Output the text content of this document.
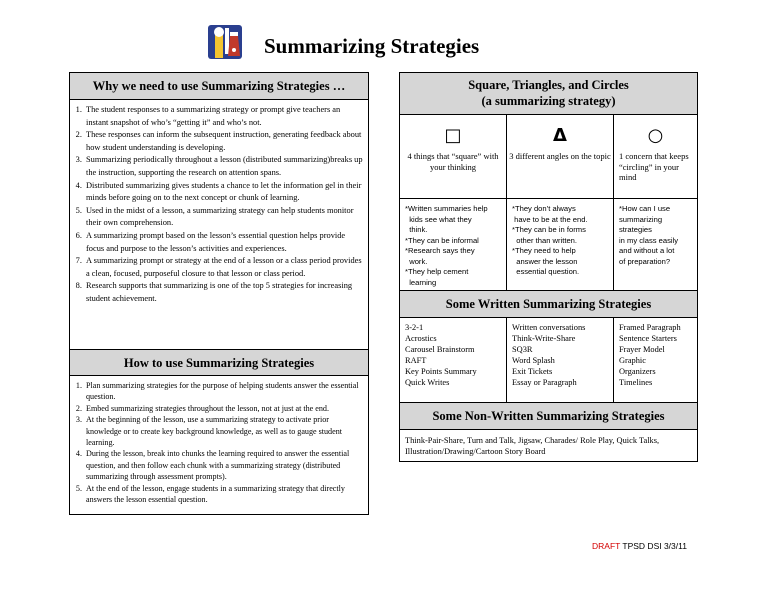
Summarizing Strategies
Why we need to use Summarizing Strategies …
1. The student responses to a summarizing strategy or prompt give teachers an instant snapshot of who’s “getting it” and who’s not.
2. These responses can inform the subsequent instruction, generating feedback about how student understanding is developing.
3. Summarizing periodically throughout a lesson (distributed summarizing)breaks up the instruction, supporting the research on attention spans.
4. Distributed summarizing gives students a chance to let the information gel in their minds before going on to the next concept or chunk of learning.
5. Used in the midst of a lesson, a summarizing strategy can help students monitor their own comprehension.
6. A summarizing prompt based on the lesson’s essential question helps provide focus and purpose to the lesson’s activities and experiences.
7. A summarizing prompt or strategy at the end of a lesson or a class period provides a clean, focused, purposeful closure to that lesson or class period.
8. Research supports that summarizing is one of the top 5 strategies for increasing student achievement.
How to use Summarizing Strategies
1. Plan summarizing strategies for the purpose of helping students answer the essential question.
2. Embed summarizing strategies throughout the lesson, not at just at the end.
3. At the beginning of the lesson, use a summarizing strategy to activate prior knowledge or to create key background knowledge, as well as to gauge student learning.
4. During the lesson, break into chunks the learning required to answer the essential question, and then follow each chunk with a summarizing strategy (distributed summarizing through assessment prompts).
5. At the end of the lesson, engage students in a summarizing strategy that directly answers the lesson essential question.
Square, Triangles, and Circles
(a summarizing strategy)
□
4 things that “square” with your thinking
Δ
3 different angles on the topic
○
1 concern that keeps “circling” in your mind
*Written summaries help
kids see what they
think.
*They can be informal
*Research says they
work.
*They help cement
learning
*They don’t always
have to be at the end.
*They can be in forms
other than written.
*They need to help
answer the lesson
essential question.
*How can I use
summarizing
strategies
in my class easily
and without a lot
of preparation?
Some Written Summarizing Strategies
3-2-1
Acrostics
Carousel Brainstorm
RAFT
Key Points Summary
Quick Writes
Written conversations
Think-Write-Share
SQ3R
Word Splash
Exit Tickets
Essay or Paragraph
Framed Paragraph
Sentence Starters
Frayer Model
Graphic
Organizers
Timelines
Some Non-Written Summarizing Strategies
Think-Pair-Share, Turn and Talk, Jigsaw, Charades/ Role Play, Quick Talks, Illustration/Drawing/Cartoon Story Board
DRAFT TPSD DSI 3/3/11
